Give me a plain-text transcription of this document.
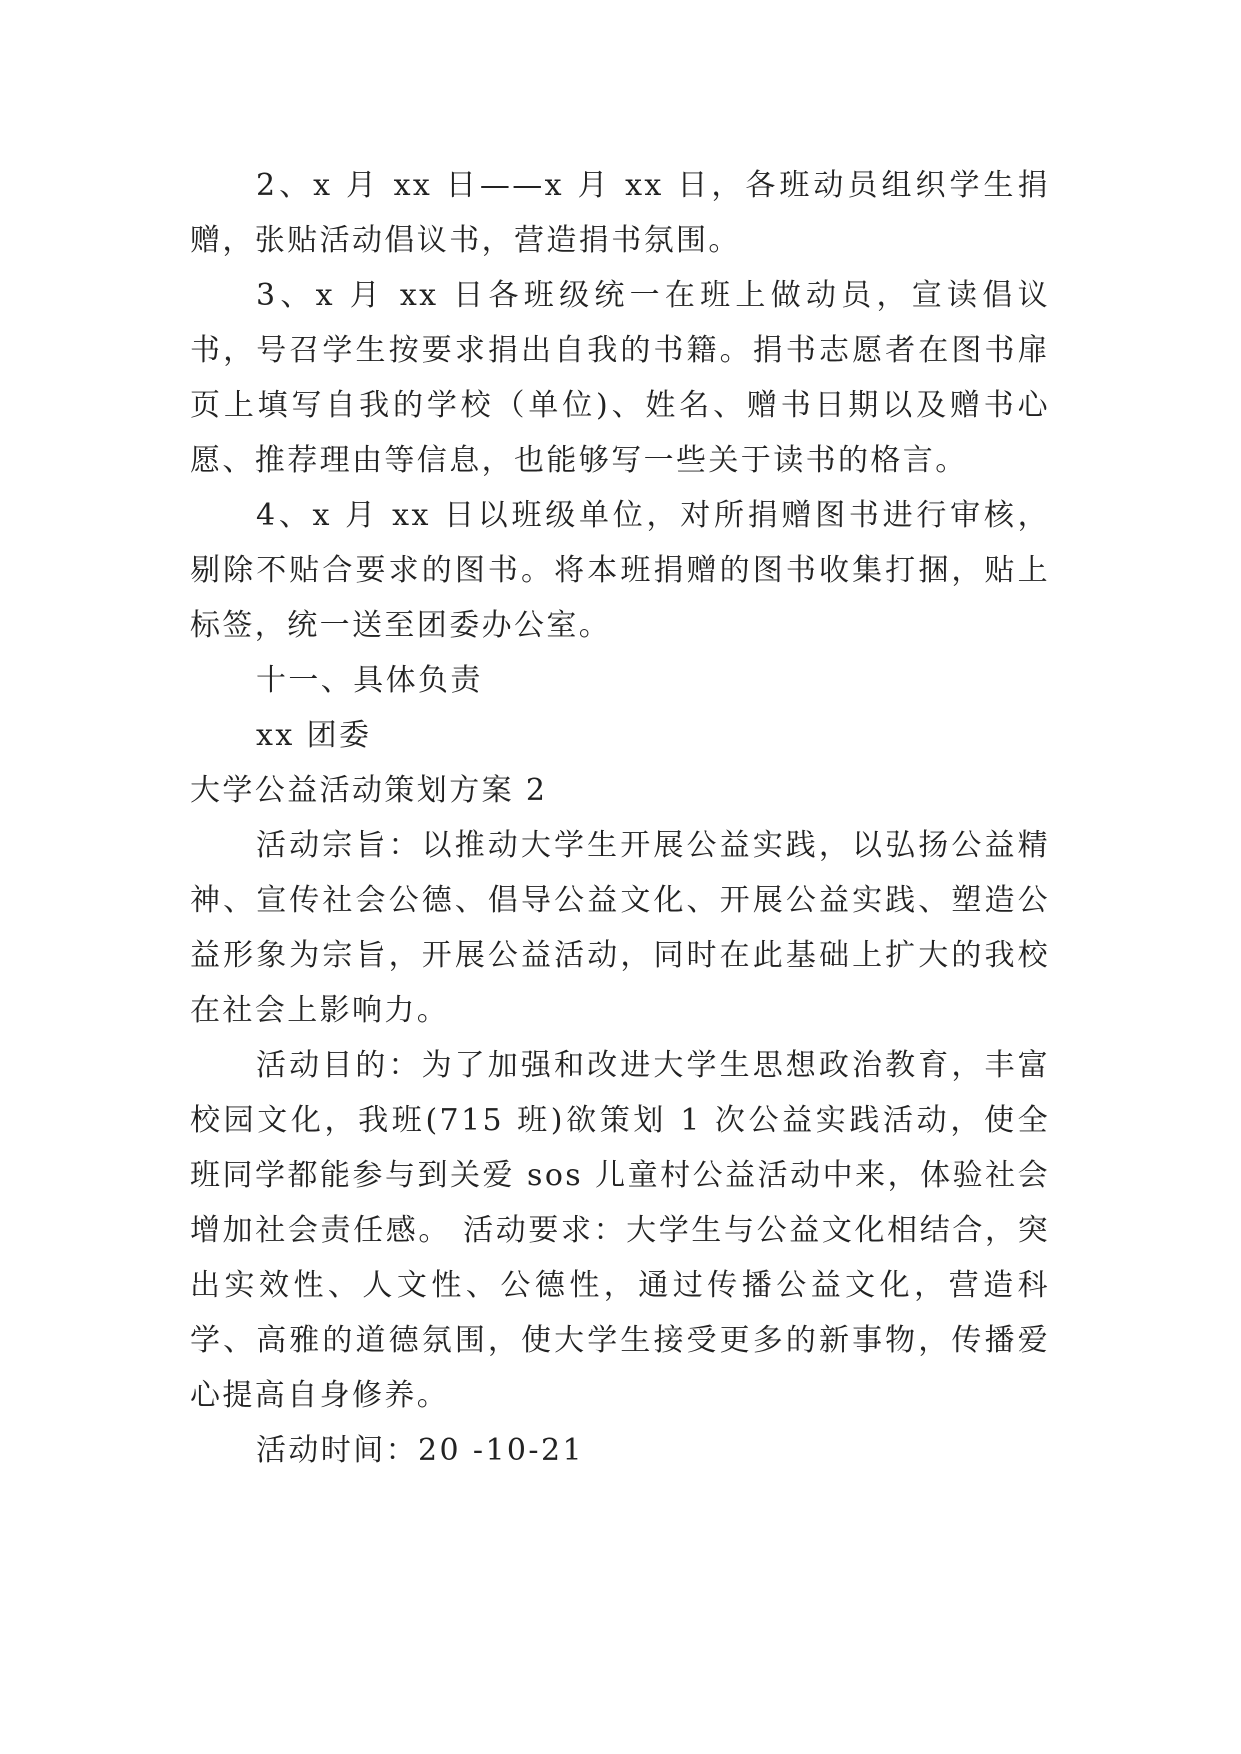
2、x 月 xx 日——x 月 xx 日，各班动员组织学生捐赠，张贴活动倡议书，营造捐书氛围。

3、x 月 xx 日各班级统一在班上做动员，宣读倡议书，号召学生按要求捐出自我的书籍。捐书志愿者在图书扉页上填写自我的学校（单位)、姓名、赠书日期以及赠书心愿、推荐理由等信息，也能够写一些关于读书的格言。

4、x 月 xx 日以班级单位，对所捐赠图书进行审核，剔除不贴合要求的图书。将本班捐赠的图书收集打捆，贴上标签，统一送至团委办公室。

十一、具体负责

xx 团委

大学公益活动策划方案 2

活动宗旨：以推动大学生开展公益实践，以弘扬公益精神、宣传社会公德、倡导公益文化、开展公益实践、塑造公益形象为宗旨，开展公益活动，同时在此基础上扩大的我校在社会上影响力。

活动目的：为了加强和改进大学生思想政治教育，丰富校园文化，我班(715 班)欲策划 1 次公益实践活动，使全班同学都能参与到关爱 sos 儿童村公益活动中来，体验社会增加社会责任感。 活动要求：大学生与公益文化相结合，突出实效性、人文性、公德性，通过传播公益文化，营造科学、高雅的道德氛围，使大学生接受更多的新事物，传播爱心提高自身修养。

活动时间：20 -10-21
